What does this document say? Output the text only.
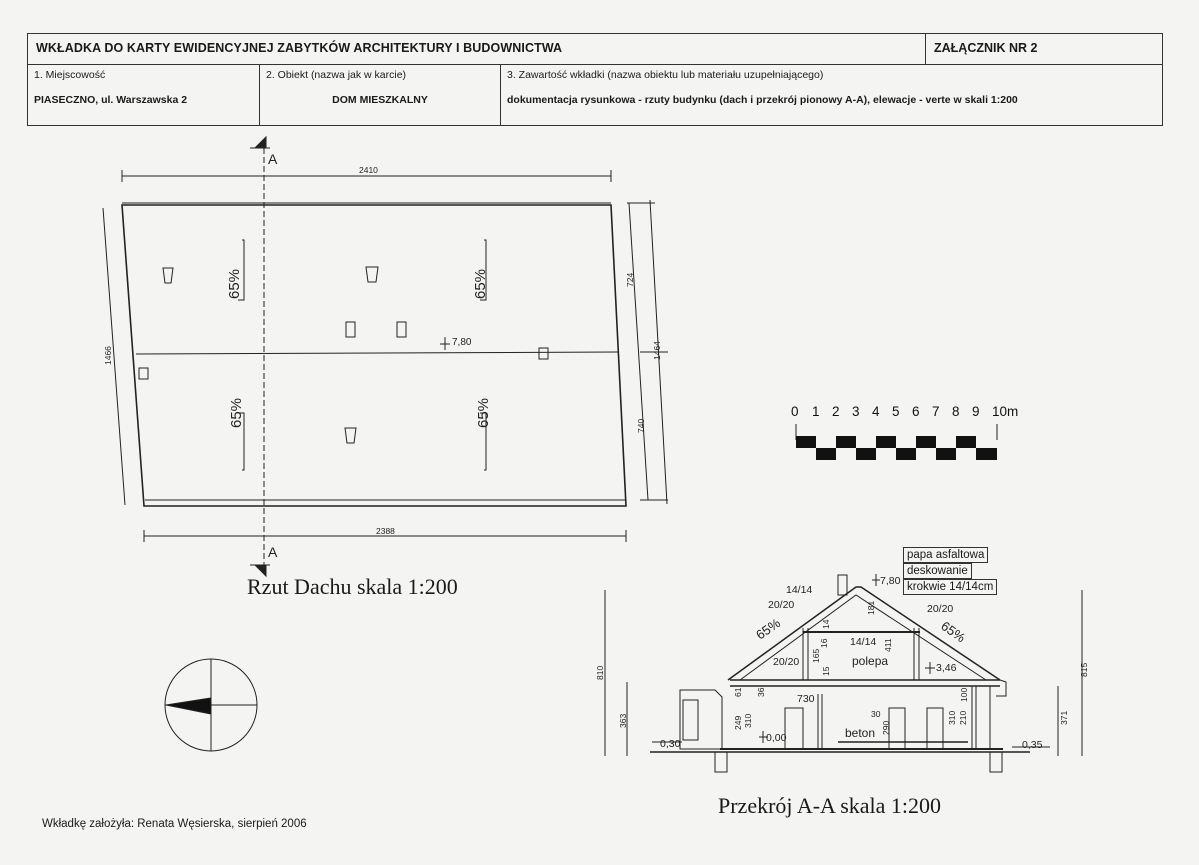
WKŁADKA DO KARTY EWIDENCYJNEJ ZABYTKÓW ARCHITEKTURY I BUDOWNICTWA	ZAŁĄCZNIK NR 2
1. Miejscowość
PIASECZNO, ul. Warszawska 2
2. Obiekt (nazwa jak w karcie)
DOM MIESZKALNY
3. Zawartość wkładki (nazwa obiektu lub materiału uzupełniającego)
dokumentacja rysunkowa - rzuty budynku (dach i przekrój pionowy A-A), elewacje - verte w skali 1:200
2410
2388
1466
724
1464
740
65%	65%
65%	65%
A
A
7,80
0 1 2 3 4 5 6 7 8 9 10m
7,80
14/14
20/20	20/20
20/20
14/14
polepa	3,46
beton
0,30	0,35
0,00
730
65%	65%
810
363
815
371
181
14
411
16
165
15
36
61
249 310	30
290
100
210
310
papa asfaltowa
deskowanie
krokwie 14/14cm
Rzut Dachu skala 1:200
Przekrój A-A skala 1:200
Wkładkę założyła: Renata Węsierska, sierpień 2006
